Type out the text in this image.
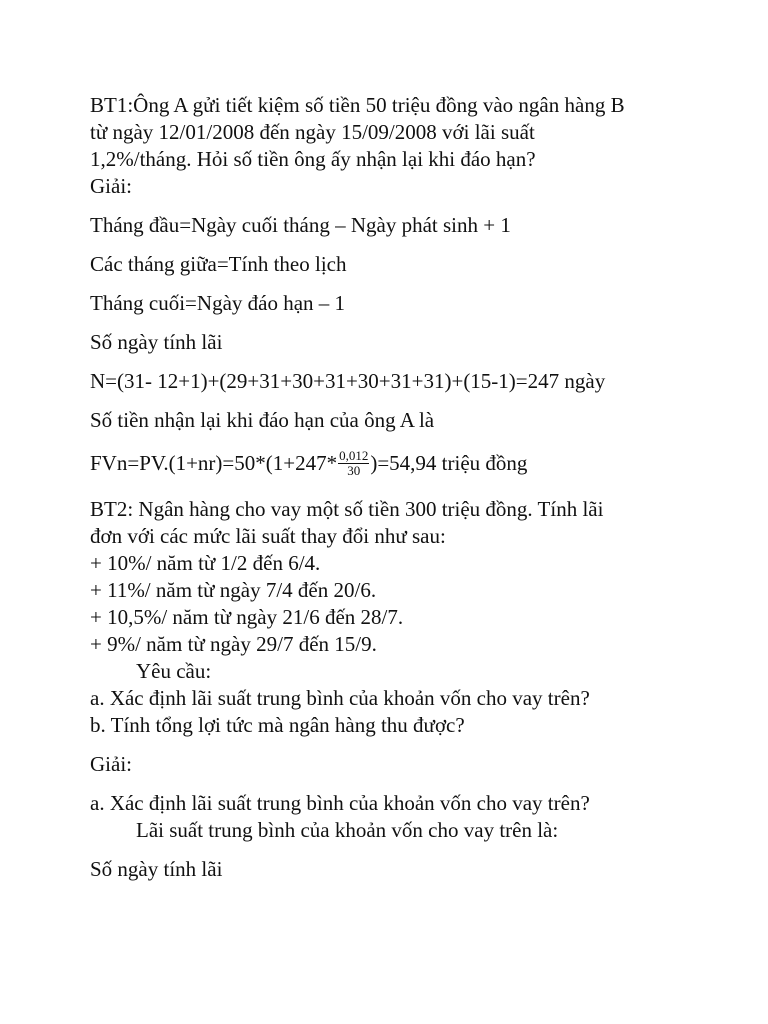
BT1:Ông A gửi tiết kiệm số tiền 50 triệu đồng vào ngân hàng B
từ ngày 12/01/2008 đến ngày 15/09/2008 với lãi suất
1,2%/tháng. Hỏi số tiền ông ấy nhận lại khi đáo hạn?
Giải:
Tháng đầu=Ngày cuối tháng – Ngày phát sinh + 1
Các tháng giữa=Tính theo lịch
Tháng cuối=Ngày đáo hạn – 1
Số ngày tính lãi
N=(31- 12+1)+(29+31+30+31+30+31+31)+(15-1)=247 ngày
Số tiền nhận lại khi đáo hạn của ông A là
$FVn=PV.(1+nr)=50*(1+247* \frac{0,012}{30} )=54,94$ triệu đồng
BT2: Ngân hàng cho vay một số tiền 300 triệu đồng. Tính lãi
đơn với các mức lãi suất thay đổi như sau:
+ 10%/ năm từ 1/2 đến 6/4.
+ 11%/ năm từ ngày 7/4 đến 20/6.
+ 10,5%/ năm từ ngày 21/6 đến 28/7.
+ 9%/ năm từ ngày 29/7 đến 15/9.
Yêu cầu:
a. Xác định lãi suất trung bình của khoản vốn cho vay trên?
b. Tính tổng lợi tức mà ngân hàng thu được?
Giải:
a. Xác định lãi suất trung bình của khoản vốn cho vay trên?
Lãi suất trung bình của khoản vốn cho vay trên là:
Số ngày tính lãi
